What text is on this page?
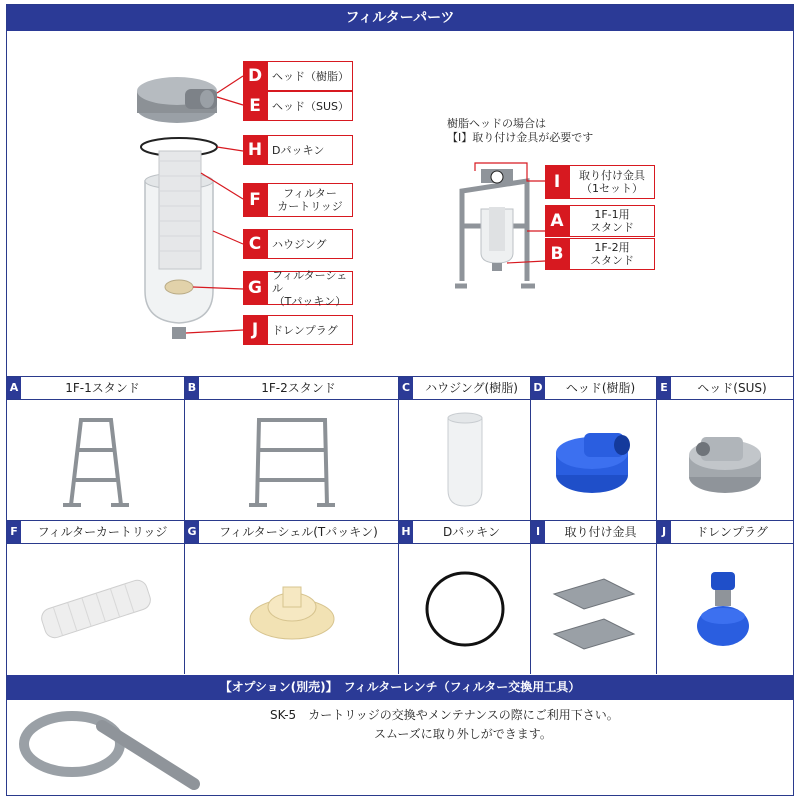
フィルターパーツ
D ヘッド（樹脂）
E	ヘッド（SUS）
H Dパッキン
F	フィルター
カートリッジ
C ハウジング
G
フィルターシェル
（Tパッキン）
J	ドレンプラグ
樹脂ヘッドの場合は
【I】取り付け金具が必要です
I	取り付け金具
（1セット）
A	1F-1用
スタンド
B	1F-2用
スタンド
A	1F-1スタンド	B	1F-2スタンド	C	ハウジング(樹脂)	D	ヘッド(樹脂)	E	ヘッド(SUS)
F	フィルターカートリッジ	G	フィルターシェル(Tパッキン)	H	Dパッキン	I	取り付け金具	J	ドレンプラグ
【オプション(別売)】　フィルターレンチ（フィルター交換用工具）
SK-5　カートリッジの交換やメンテナンスの際にご利用下さい。
スムーズに取り外しができます。
